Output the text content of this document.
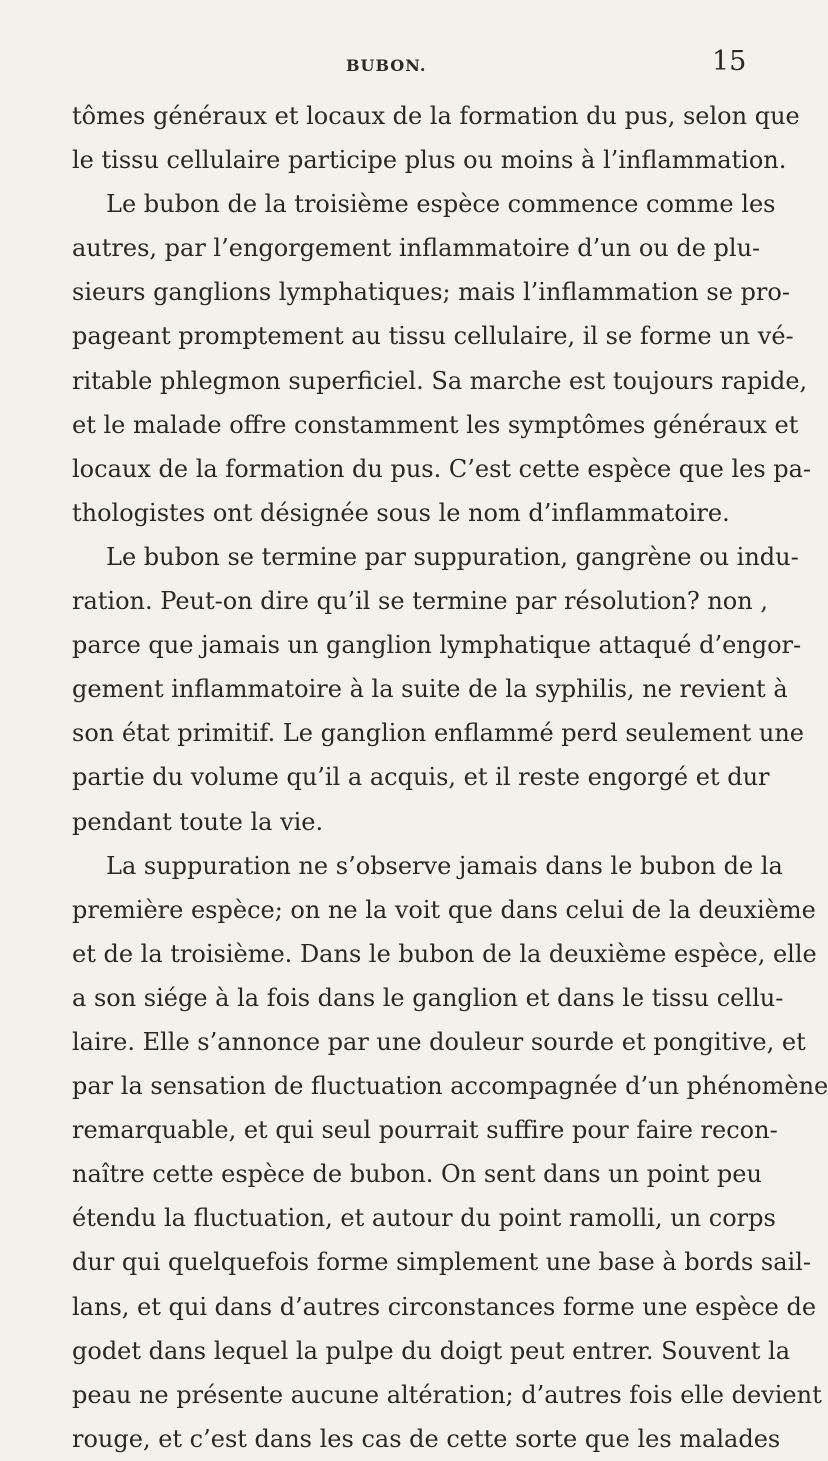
BUBON.	15
tômes généraux et locaux de la formation du pus, selon que
le tissu cellulaire participe plus ou moins à l’inflammation.
Le bubon de la troisième espèce commence comme les
autres, par l’engorgement inflammatoire d’un ou de plu-
sieurs ganglions lymphatiques; mais l’inflammation se pro-
pageant promptement au tissu cellulaire, il se forme un vé-
ritable phlegmon superficiel. Sa marche est toujours rapide,
et le malade offre constamment les symptômes généraux et
locaux de la formation du pus. C’est cette espèce que les pa-
thologistes ont désignée sous le nom d’inflammatoire.
Le bubon se termine par suppuration, gangrène ou indu-
ration. Peut-on dire qu’il se termine par résolution? non ,
parce que jamais un ganglion lymphatique attaqué d’engor-
gement inflammatoire à la suite de la syphilis, ne revient à
son état primitif. Le ganglion enflammé perd seulement une
partie du volume qu’il a acquis, et il reste engorgé et dur
pendant toute la vie.
La suppuration ne s’observe jamais dans le bubon de la
première espèce; on ne la voit que dans celui de la deuxième
et de la troisième. Dans le bubon de la deuxième espèce, elle
a son siége à la fois dans le ganglion et dans le tissu cellu-
laire. Elle s’annonce par une douleur sourde et pongitive, et
par la sensation de fluctuation accompagnée d’un phénomène
remarquable, et qui seul pourrait suffire pour faire recon-
naître cette espèce de bubon. On sent dans un point peu
étendu la fluctuation, et autour du point ramolli, un corps
dur qui quelquefois forme simplement une base à bords sail-
lans, et qui dans d’autres circonstances forme une espèce de
godet dans lequel la pulpe du doigt peut entrer. Souvent la
peau ne présente aucune altération; d’autres fois elle devient
rouge, et c’est dans les cas de cette sorte que les malades
